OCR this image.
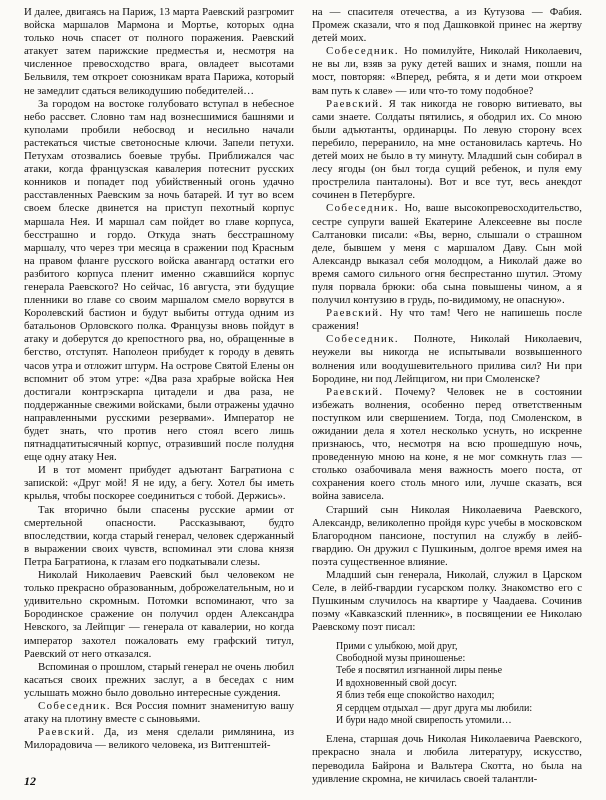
И далее, двигаясь на Париж, 13 марта Раевский разгромит войска маршалов Мармона и Мортье, которых одна только ночь спасет от полного поражения. Раевский атакует затем парижские предместья и, несмотря на численное превосходство врага, овладеет высотами Бельвиля, тем откроет союзникам врата Парижа, который не замедлит сдаться великодушию победителей…

За городом на востоке голубовато вступал в небесное небо рассвет. Словно там над вознесшимися башнями и куполами пробили небосвод и несильно начали растекаться чистые светоносные ключи. Запели петухи. Петухам отозвались боевые трубы. Приближался час атаки, когда французская кавалерия потеснит русских конников и попадет под убийственный огонь удачно расставленных Раевским за ночь батарей. И тут во всем своем блеске двинется на приступ пехотный корпус маршала Нея. И маршал сам пойдет во главе корпуса, бесстрашно и гордо. Откуда знать бесстрашному маршалу, что через три месяца в сражении под Красным на правом фланге русского войска авангард остатки его разбитого корпуса пленит именно сжавшийся корпус генерала Раевского? Но сейчас, 16 августа, эти будущие пленники во главе со своим маршалом смело ворвутся в Королевский бастион и будут выбиты оттуда одним из батальонов Орловского полка. Французы вновь пойдут в атаку и доберутся до крепостного рва, но, обращенные в бегство, отступят. Наполеон прибудет к городу в девять часов утра и отложит штурм. На острове Святой Елены он вспомнит об этом утре: «Два раза храбрые войска Нея достигали контрэскарпа цитадели и два раза, не поддержанные свежими войсками, были отражены удачно направленными русскими резервами». Император не будет знать, что против него стоял всего лишь пятнадцатитысячный корпус, отразивший после полудня еще одну атаку Нея.

И в тот момент прибудет адъютант Багратиона с запиской: «Друг мой! Я не иду, а бегу. Хотел бы иметь крылья, чтобы поскорее соединиться с тобой. Держись».

Так вторично были спасены русские армии от смертельной опасности. Рассказывают, будто впоследствии, когда старый генерал, человек сдержанный в выражении своих чувств, вспоминал эти слова князя Петра Багратиона, к глазам его подкатывали слезы.

Николай Николаевич Раевский был человеком не только прекрасно образованным, доброжелательным, но и удивительно скромным. Потомки вспоминают, что за Бородинское сражение он получил орден Александра Невского, за Лейпциг — генерала от кавалерии, но когда император захотел пожаловать ему графский титул, Раевский от него отказался.

Вспоминая о прошлом, старый генерал не очень любил касаться своих прежних заслуг, а в беседах с ним услышать можно было довольно интересные суждения.

Собеседник. Вся Россия помнит знаменитую вашу атаку на плотину вместе с сыновьями.

Раевский. Да, из меня сделали римлянина, из Милорадовича — великого человека, из Витгенштей-

на — спасителя отечества, а из Кутузова — Фабия. Промеж сказали, что я под Дашковкой принес на жертву детей моих.

Собеседник. Но помилуйте, Николай Николаевич, не вы ли, взяв за руку детей ваших и знамя, пошли на мост, повторяя: «Вперед, ребята, я и дети мои откроем вам путь к славе» — или что-то тому подобное?

Раевский. Я так никогда не говорю витиевато, вы сами знаете. Солдаты пятились, я ободрил их. Со мною были адъютанты, ординарцы. По левую сторону всех перебило, переранило, на мне остановилась картечь. Но детей моих не было в ту минуту. Младший сын собирал в лесу ягоды (он был тогда сущий ребенок, и пуля ему прострелила панталоны). Вот и все тут, весь анекдот сочинен в Петербурге.

Собеседник. Но, ваше высокопревосходительство, сестре супруги вашей Екатерине Алексеевне вы после Салтановки писали: «Вы, верно, слышали о страшном деле, бывшем у меня с маршалом Даву. Сын мой Александр выказал себя молодцом, а Николай даже во время самого сильного огня беспрестанно шутил. Этому пуля порвала брюки: оба сына повышены чином, а я получил контузию в грудь, по-видимому, не опасную».

Раевский. Ну что там! Чего не напишешь после сражения!

Собеседник. Полноте, Николай Николаевич, неужели вы никогда не испытывали возвышенного волнения или воодушевительного прилива сил? Ни при Бородине, ни под Лейпцигом, ни при Смоленске?

Раевский. Почему? Человек не в состоянии избежать волнения, особенно перед ответственным поступком или свершением. Тогда, под Смоленском, в ожидании дела я хотел несколько уснуть, но искренне признаюсь, что, несмотря на всю прошедшую ночь, проведенную мною на коне, я не мог сомкнуть глаз — столько озабочивала меня важность моего поста, от сохранения коего столь много или, лучше сказать, вся война зависела.

Старший сын Николая Николаевича Раевского, Александр, великолепно пройдя курс учебы в московском Благородном пансионе, поступил на службу в лейб-гвардию. Он дружил с Пушкиным, долгое время имея на поэта существенное влияние.

Младший сын генерала, Николай, служил в Царском Селе, в лейб-гвардии гусарском полку. Знакомство его с Пушкиным случилось на квартире у Чаадаева. Сочинив поэму «Кавказский пленник», в посвящении ее Николаю Раевскому поэт писал:

Прими с улыбкою, мой друг,
Свободной музы приношенье:
Тебе я посвятил изгнанной лиры пенье
И вдохновенный свой досуг.
Я близ тебя еще спокойство находил;
Я сердцем отдыхал — друг друга мы любили:
И бури надо мной свирепость утомили…

Елена, старшая дочь Николая Николаевича Раевского, прекрасно знала и любила литературу, искусство, переводила Байрона и Вальтера Скотта, но была на удивление скромна, не кичилась своей талантли-

12
